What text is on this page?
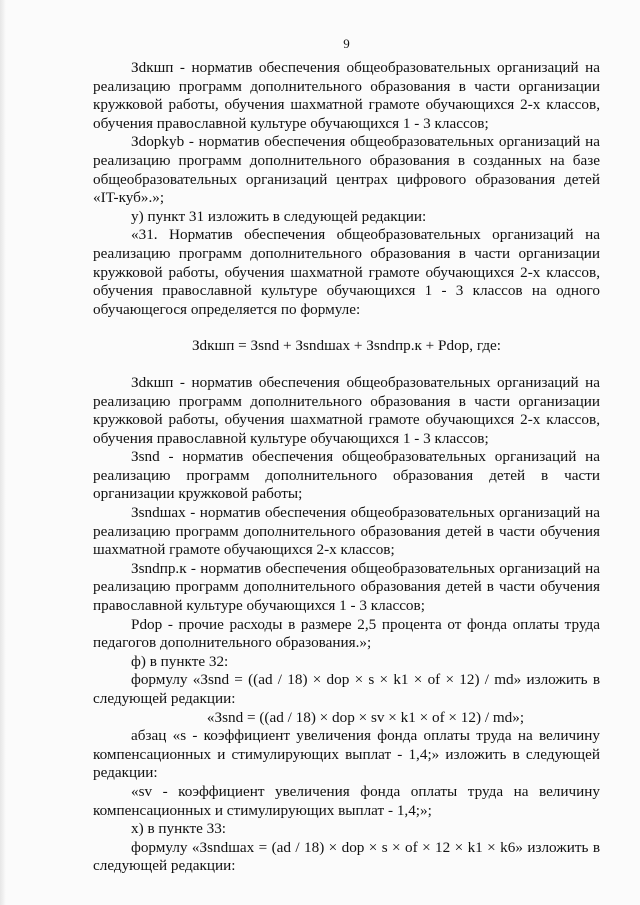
9

Зdкшп - норматив обеспечения общеобразовательных организаций на реализацию программ дополнительного образования в части организации кружковой работы, обучения шахматной грамоте обучающихся 2-х классов, обучения православной культуре обучающихся 1 - 3 классов;

Зdopkyb - норматив обеспечения общеобразовательных организаций на реализацию программ дополнительного образования в созданных на базе общеобразовательных организаций центрах цифрового образования детей «IT-куб».»;

у) пункт 31 изложить в следующей редакции:

«31. Норматив обеспечения общеобразовательных организаций на реализацию программ дополнительного образования в части организации кружковой работы, обучения шахматной грамоте обучающихся 2-х классов, обучения православной культуре обучающихся 1 - 3 классов на одного обучающегося определяется по формуле:

Зdкшп = Зsnd + Зsndшах + Зsndпр.к + Pdop, где:

Зdкшп - норматив обеспечения общеобразовательных организаций на реализацию программ дополнительного образования в части организации кружковой работы, обучения шахматной грамоте обучающихся 2-х классов, обучения православной культуре обучающихся 1 - 3 классов;

Зsnd - норматив обеспечения общеобразовательных организаций на реализацию программ дополнительного образования детей в части организации кружковой работы;

Зsndшах - норматив обеспечения общеобразовательных организаций на реализацию программ дополнительного образования детей в части обучения шахматной грамоте обучающихся 2-х классов;

Зsndпр.к - норматив обеспечения общеобразовательных организаций на реализацию программ дополнительного образования детей в части обучения православной культуре обучающихся 1 - 3 классов;

Pdop - прочие расходы в размере 2,5 процента от фонда оплаты труда педагогов дополнительного образования.»;

ф) в пункте 32:

формулу «Зsnd = ((ad / 18) × dop × s × k1 × of × 12) / md» изложить в следующей редакции:

«Зsnd = ((ad / 18) × dop × sv × k1 × of × 12) / md»;

абзац «s - коэффициент увеличения фонда оплаты труда на величину компенсационных и стимулирующих выплат - 1,4;» изложить в следующей редакции:

«sv - коэффициент увеличения фонда оплаты труда на величину компенсационных и стимулирующих выплат - 1,4;»;

х) в пункте 33:

формулу «Зsndшах = (ad / 18) × dop × s × of × 12 × k1 × k6» изложить в следующей редакции:
